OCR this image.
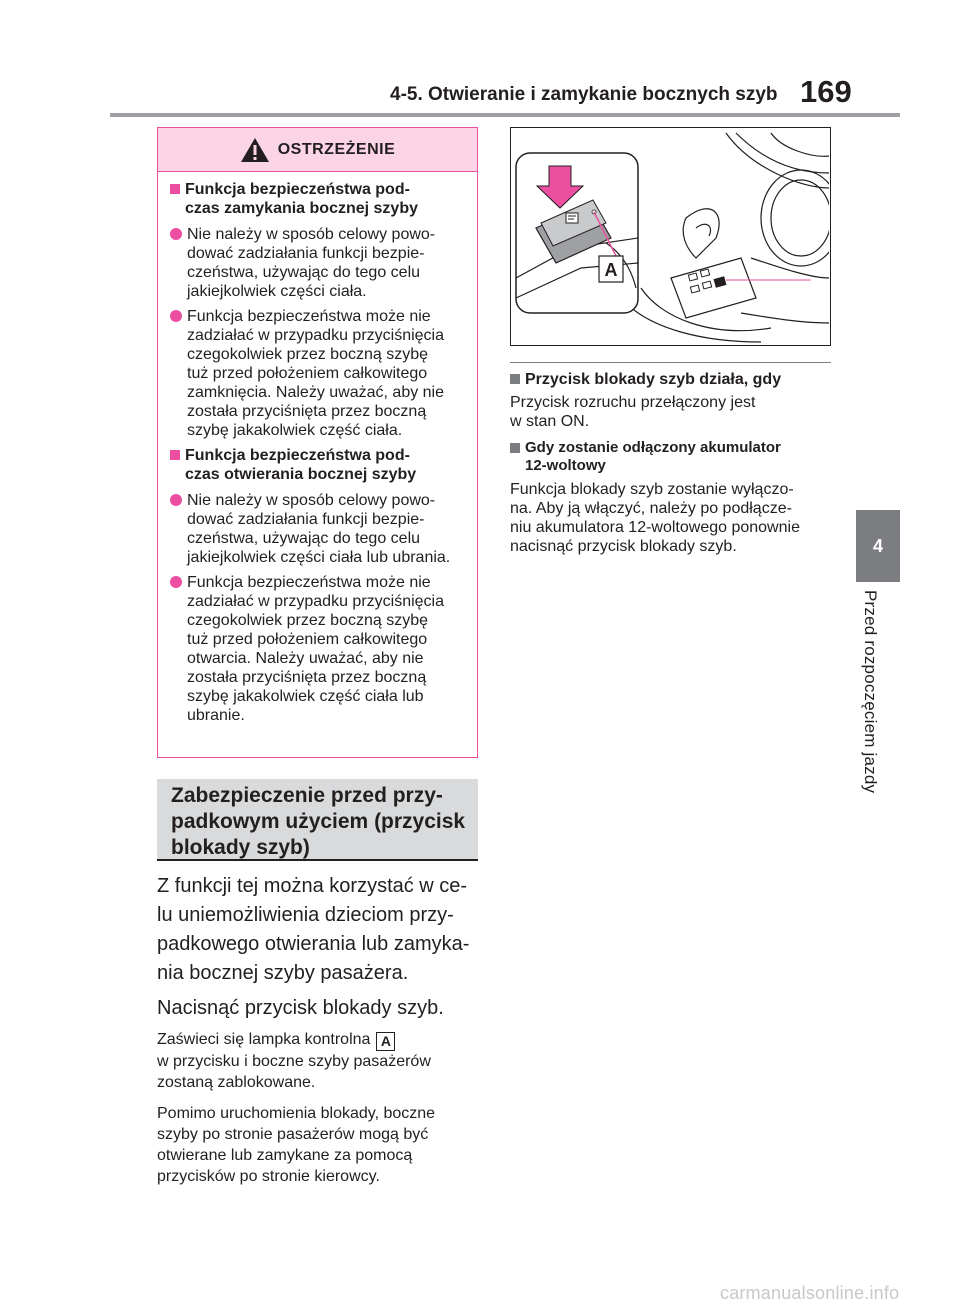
4-5. Otwieranie i zamykanie bocznych szyb 169
4
Przed rozpoczęciem jazdy
OSTRZEŻENIE
Funkcja bezpieczeństwa pod-
czas zamykania bocznej szyby
Nie należy w sposób celowy powo-
dować zadziałania funkcji bezpie-
czeństwa, używając do tego celu
jakiejkolwiek części ciała.
Funkcja bezpieczeństwa może nie
zadziałać w przypadku przyciśnięcia
czegokolwiek przez boczną szybę
tuż przed położeniem całkowitego
zamknięcia. Należy uważać, aby nie
została przyciśnięta przez boczną
szybę jakakolwiek część ciała.
Funkcja bezpieczeństwa pod-
czas otwierania bocznej szyby
Nie należy w sposób celowy powo-
dować zadziałania funkcji bezpie-
czeństwa, używając do tego celu
jakiejkolwiek części ciała lub ubrania.
Funkcja bezpieczeństwa może nie
zadziałać w przypadku przyciśnięcia
czegokolwiek przez boczną szybę
tuż przed położeniem całkowitego
otwarcia. Należy uważać, aby nie
została przyciśnięta przez boczną
szybę jakakolwiek część ciała lub
ubranie.
Zabezpieczenie przed przy-
padkowym użyciem (przycisk
blokady szyb)

Z funkcji tej można korzystać w ce-
lu uniemożliwienia dzieciom przy-
padkowego otwierania lub zamyka-
nia bocznej szyby pasażera.

Nacisnąć przycisk blokady szyb.

Zaświeci się lampka kontrolna A
w przycisku i boczne szyby pasażerów
zostaną zablokowane.

Pomimo uruchomienia blokady, boczne
szyby po stronie pasażerów mogą być
otwierane lub zamykane za pomocą
przycisków po stronie kierowcy.

A
Przycisk blokady szyb działa, gdy

Przycisk rozruchu przełączony jest
w stan ON.

Gdy zostanie odłączony akumulator
12-woltowy

Funkcja blokady szyb zostanie wyłączo-
na. Aby ją włączyć, należy po podłącze-
niu akumulatora 12-woltowego ponownie
nacisnąć przycisk blokady szyb.

carmanualsonline.info
